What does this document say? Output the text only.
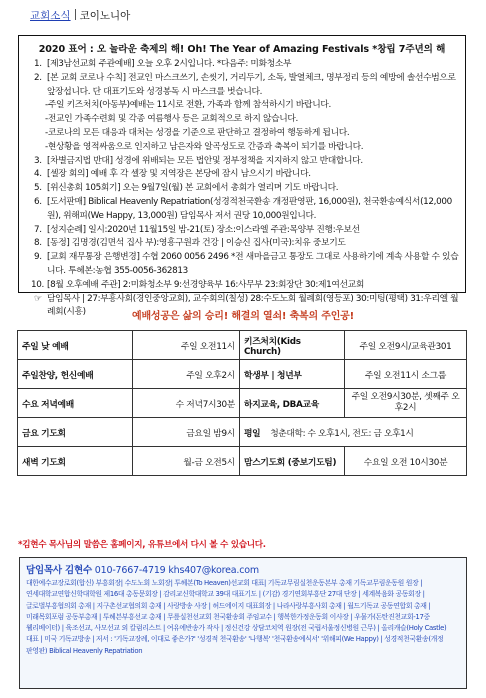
교회소식 코이노니아
2020 표어 : 오 놀라운 축제의 해! Oh! The Year of Amazing Festivals *창립 7주년의 해
1. [제3남선교회 주관예배] 오늘 오후 2시입니다. *다음주: 미화청소부
2. [본 교회 코로나 수칙] 전교인 마스크쓰기, 손씻기, 거리두기, 소독, 발열체크, 명부정리 등의 예방에 솔선수범으로 앞장섭니다. 단 대표기도와 성경봉독 시 마스크를 벗습니다.
-주일 키즈처치(아동부)예배는 11시로 전환, 가족과 함께 참석하시기 바랍니다.
-전교인 가족수련회 및 각종 여름행사 등은 교회적으로 하지 않습니다.
-코로나의 모든 대응과 대처는 성경을 기준으로 판단하고 결정하여 행동하게 됩니다.
-현상황을 영적싸움으로 인지하고 남은자와 알곡성도로 간증과 축복이 되기를 바랍니다.
3. [차별금지법 반대] 성경에 위배되는 모든 법안및 정부정책을 지지하지 않고 반대합니다.
4. [셀장 회의] 예배 후 각 셀장 및 지역장은 본당에 잠시 남으시기 바랍니다.
5. [위신총회 105회기] 오는 9월7일(월) 본 교회에서 총회가 열리며 기도 바랍니다.
6. [도서판매] Biblical Heavenly Repatriation(성경적천국환송 개정판영판, 16,000원), 천국환송예식서(12,000원), 위해피(We Happy, 13,000원) 담임목사 저서 권당 10,000원입니다.
7. [성지순례] 일시:2020년 11월15일 밤-21(토) 장소:이스라엘 주관:목양부 진행:우보선
8. [동정] 김명경(김면석 집사 부):영흥구원과 건강 | 이승신 집사(미국):치유 중보기도
9. [교회 재무통장 은행변경] 수협 2060 0056 2496 *전 새마을금고 통장도 그대로 사용하기에 계속 사용할 수 있습니다. 투헤본:농협 355-0056-362813
10. [8월 오후예배 주관] 2:미화청소부 9:선경양육부 16:사무부 23:회장단 30:제1여선교회
☞ 담임목사 | 27:부흥사회(경인중앙교회), 교수회의(칠성) 28:수도노회 월례회(영등포) 30:미팅(평택) 31:우리엘 월례회(시흥)	예배성공은 삶의 승리! 해결의 열쇠! 축복의 주인공!
주일 낮 예배	주일 오전11시	키즈처치(Kids Church)	주일 오전9시/교육관301
주일찬양, 헌신예배	주일 오후2시	학생부 | 청년부	주일 오전11시 소그룹
수요 저녁예배	수 저녁7시30분	하지교육, DBA교육	주일 오전9시30분, 셋째주 오후2시
금요 기도회	금요일 밤9시	평일 청춘대학: 수 오후1시, 전도: 금 오후1시	
새벽 기도회	월-금 오전5시	맘스기도회 (중보기도팀)	수요일 오전 10시30분
*김현수 목사님의 말씀은 홈페이지, 유튜브에서 다시 볼 수 있습니다.
담임목사 김현수 010-7667-4719 khs407@korea.com
대한예수교장로회(합신) 부흥회장| 수도노회 노회장| 투헤본(To Heaven)선교회 대표| 기독교무림실천운동본부 총재 기독교무림운동원 원장 | 연세대학교연합신학대학원 제16대 총동문회장 | 감리교신학대학교 39대 대표기도 | (기감) 경기연회부흥단 27대 단장 | 세계복음화 공동회장 | 글로벌부흥협의회 총재 | 지구촌선교협의회 총재 | 사랑방송 사장 | 허드에이지 대표회장 | 나라사랑부흥사회 총재 | 월드기독교 공동연합회 총재 | 미래목회포럼 공동부총재 | 투헤븐부흥선교 총재 | 무릎실천선교회 천국환송회 주임교수 | 행복한가정운동회 이사장 | 우물가(돈탄진천교회-17중 웰리베이터) | 육조선교, 사모선교 외 칼럼리스트 | 여유에반송가 작사 | 정신건강 상담코치역 원장(전 국립서울정신병원 근무) | 올리캐슬(Holy Castle) 대표 | 미국 기독교방송 | 저서 : '기독교장례, 이대로 좋은가?' '성경적 천국환송' '나행복' '천국환송예식서' '위해피(We Happy) | 성경적천국환송(개정 판영판) Biblical Heavenly Repatriation
